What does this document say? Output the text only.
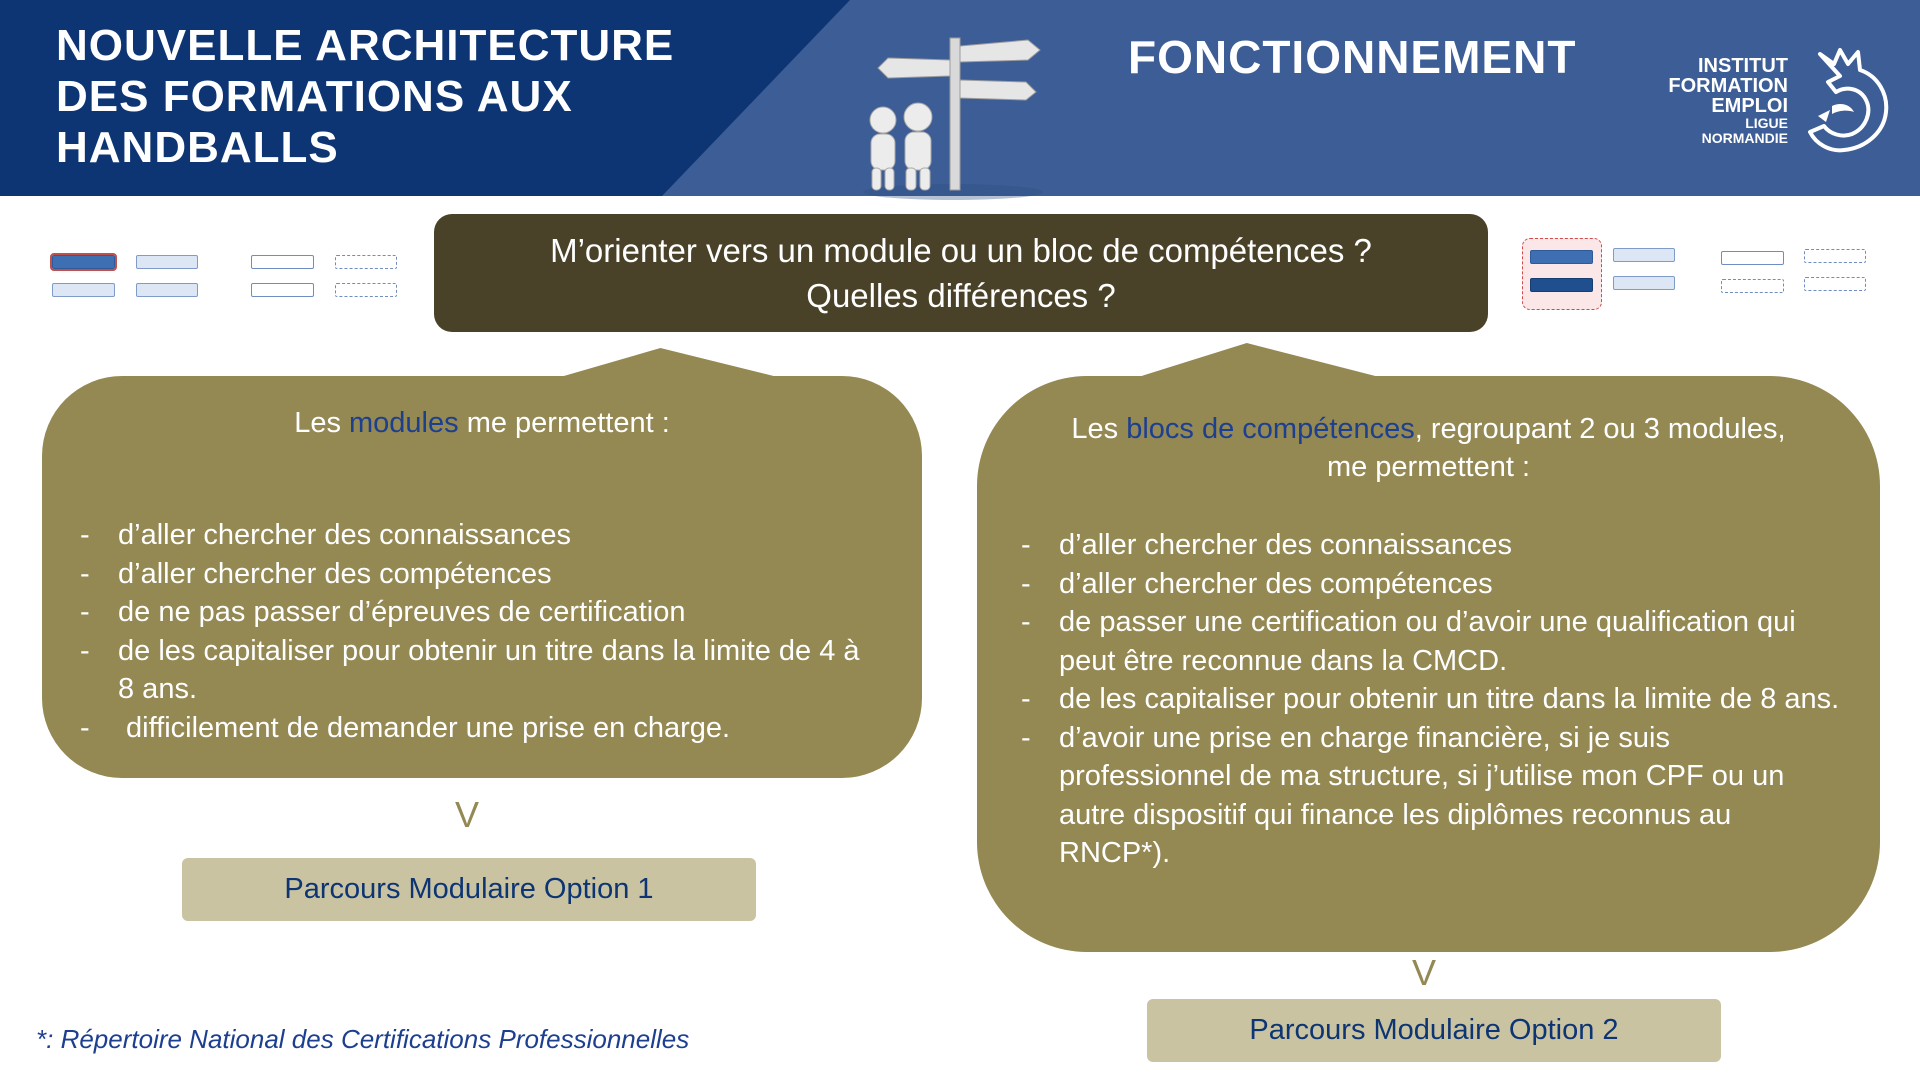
NOUVELLE ARCHITECTURE
DES FORMATIONS AUX
HANDBALLS
FONCTIONNEMENT	INSTITUT
FORMATION
EMPLOI
LIGUE
NORMANDIE
M’orienter vers un module ou un bloc de compétences ?
Quelles différences ?
Les modules me permettent :
- d’aller chercher des connaissances
- d’aller chercher des compétences
- de ne pas passer d’épreuves de certification
- de les capitaliser pour obtenir un titre dans la limite de 4 à 8 ans.
-  difficilement de demander une prise en charge.
V
Parcours Modulaire Option 1
Les blocs de compétences, regroupant 2 ou 3 modules,
me permettent :
- d’aller chercher des connaissances
- d’aller chercher des compétences
- de passer une certification ou d’avoir une qualification qui peut être reconnue dans la CMCD.
- de les capitaliser pour obtenir un titre dans la limite de 8 ans.
- d’avoir une prise en charge financière, si je suis professionnel de ma structure, si j’utilise mon CPF ou un autre dispositif qui finance les diplômes reconnus au RNCP*).
V
Parcours Modulaire Option 2
*: Répertoire National des Certifications Professionnelles
